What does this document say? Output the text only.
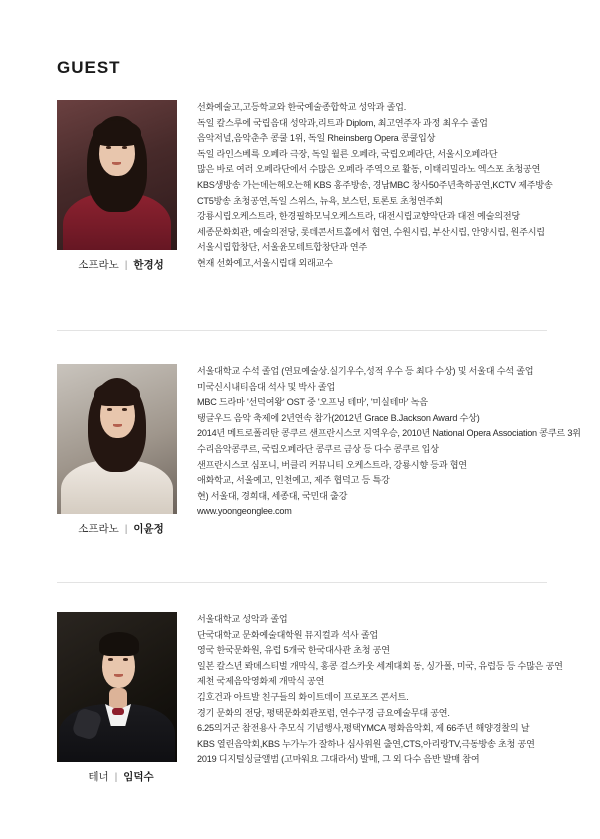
GUEST
소프라노 | 한경성
선화예술고,고등학교와 한국예술종합학교 성악과 졸업.
독일 칼스루에 국립음대 성악과,리트과 Diplom, 최고연주자 과정 최우수 졸업
음악저널,음악춘추 콩쿨 1위, 독일 Rheinsberg Opera 콩쿨입상
독일 라인스베륵 오페라 극장, 독일 월른 오페라, 국립오페라단, 서울시오페라단
많은 바로 여러 오페라단에서 수많은 오페라 주역으로 활동, 이태리밀라노 엑스포 초청공연
KBS생방송 가는뎨는해오는해 KBS 홍주방송, 경남MBC 창사50주년축하공연,KCTV 제주방송
CT5방송 초청공연,독일 스위스, 뉴욕, 보스턴, 토론토 초청연주회
강룡시립오케스트라, 한경필하모닉오케스트라, 대전시립교향악단과 대전 예술의전당
세종문화회관, 예술의전당, 롯데콘서트홀에서 협연, 수원시립, 부산시립, 안양시립, 원주시립
서울시립합창단, 서울윤모테트합창단과 연주
현재 선화예고,서울시립대 외래교수
소프라노 | 이윤정
서울대학교 수석 졸업 (연묘예술상.실기우수,성적 우수 등 최다 수상) 및 서울대 수석 졸업
미국신시내티음대 석사 및 박사 졸업
MBC 드라마 '선덕여왕' OST 중 '오프닝 테마', '미실테마' 녹음
탱글우드 음악 축제에 2년연속 참가(2012년 Grace B.Jackson Award 수상)
2014년 메트로폴리탄 콩쿠르 샌프란시스코 지역우승, 2010년 National Opera Association 콩쿠르 3위
수리음악콩쿠르, 국립오페라단 콩쿠르 금상 등 다수 콩쿠르 입상
샌프란시스코 심포니, 버클리 커뮤니티 오케스트라, 강룡시향 등과 협연
애화학교, 서울예고, 인천예고, 제주 협덕고 등 특강
현) 서울대, 경희대, 세종대, 국민대 출강
www.yoongeonglee.com
테너 | 임덕수
서울대학교 성악과 졸업
단국대학교 문화예술대학원 뮤지컬과 석사 졸업
영국 한국문화원, 유럽 5개국 한국대사관 초청 공연
일본 칼스년 롸뎨스티벌 개막식, 홍콩 걸스카웃 세계대회 동, 싱가폴, 미국, 유럽등 등 수많은 공연
제천 국제음악영화제 개막식 공연
김호건과 아트발 친구들의 화이트데이 프로포즈 콘서트.
경기 문화의 전당, 평택문화회관포럼, 연수구경 금요예술무대 공연.
6.25의거군 참전용사 추모식 기념행사,평택YMCA 평화음악회, 제 66주년 해양경찰의 날
KBS 열린음악회,KBS 누가누가 잘하나 심사위원 출연,CTS,아리랑TV,극동방송 초청 공연
2019 디지털싱글앨범 (고마워요 그대라서) 발매, 그 외 다수 음반 발매 참여
